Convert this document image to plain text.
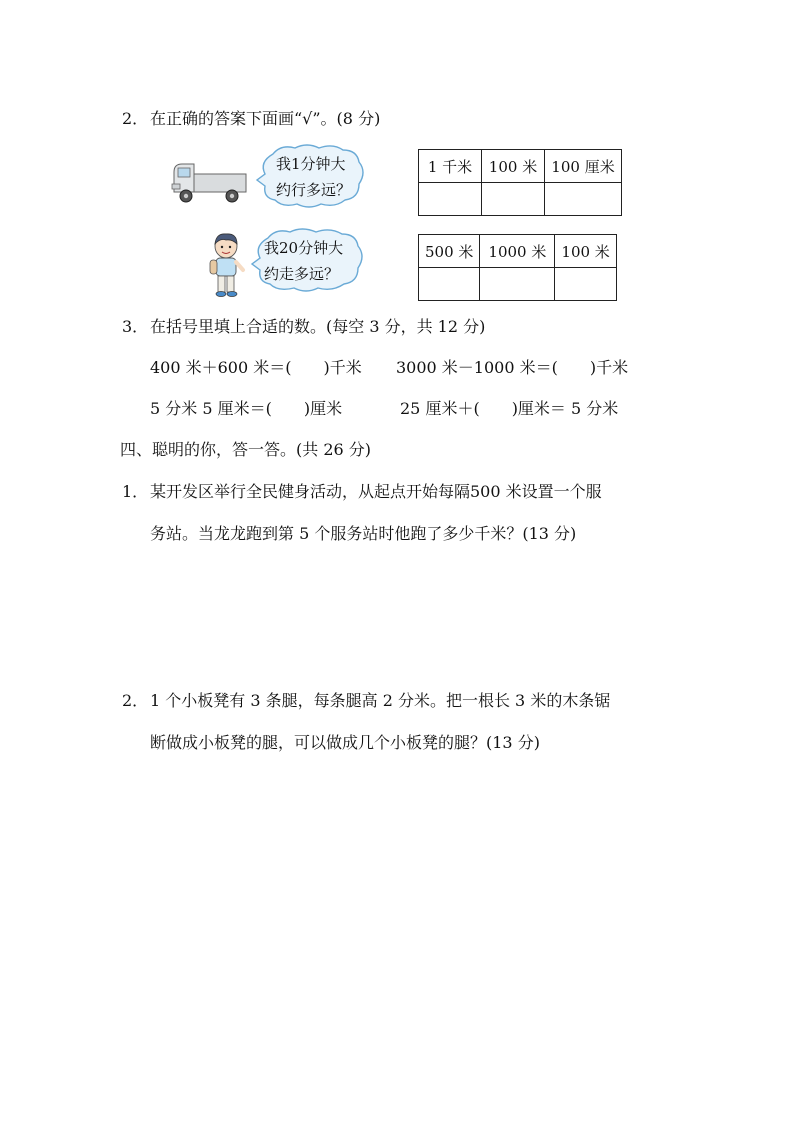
2． 在正确的答案下面画“√”。(8 分)
我1分钟大
约行多远？
1 千米	100 米	100 厘米

我20分钟大
约走多远？
500 米	1000 米	100 米

3． 在括号里填上合适的数。(每空 3 分，共 12 分)
400 米＋600 米＝(　　)千米 3000 米－1000 米＝(　　)千米
5 分米 5 厘米＝(　　)厘米	25 厘米＋(　　)厘米＝ 5 分米
四、聪明的你，答一答。(共 26 分)
1． 某开发区举行全民健身活动，从起点开始每隔500 米设置一个服
务站。当龙龙跑到第 5 个服务站时他跑了多少千米？(13 分)
2． 1 个小板凳有 3 条腿，每条腿高 2 分米。把一根长 3 米的木条锯
断做成小板凳的腿，可以做成几个小板凳的腿？(13 分)
